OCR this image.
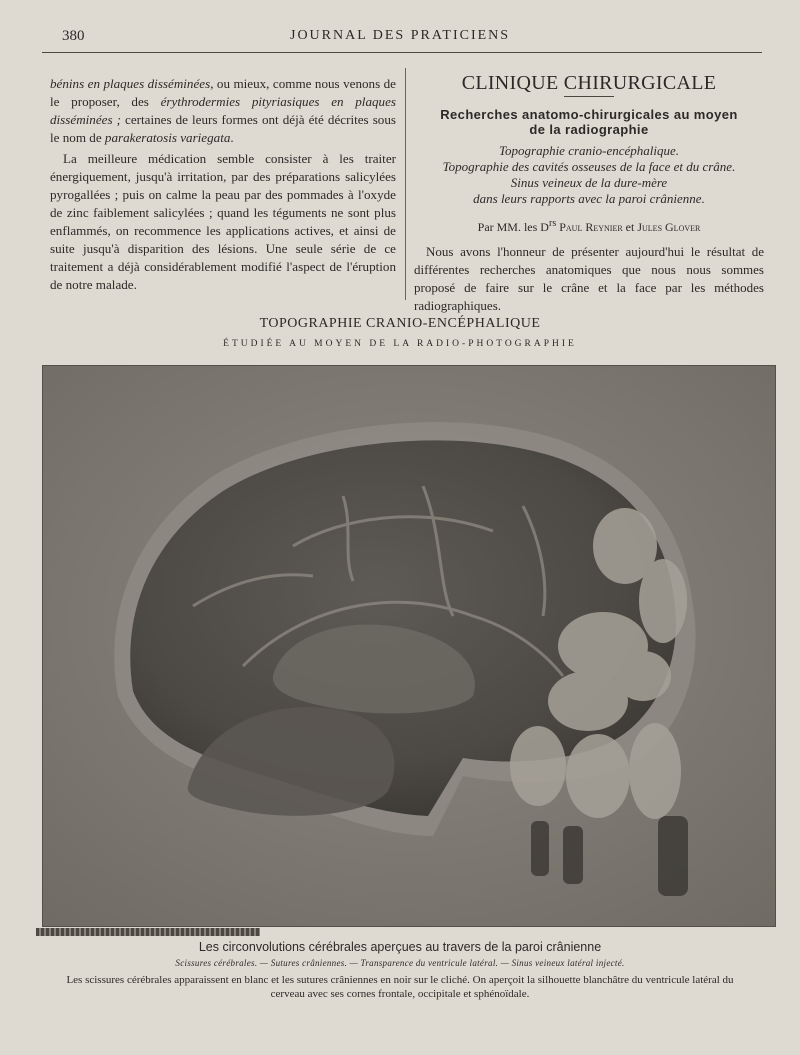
380	JOURNAL DES PRATICIENS

bénins en plaques disséminées, ou mieux, comme nous venons de le proposer, des érythrodermies pityriasiques en plaques disséminées ; certaines de leurs formes ont déjà été décrites sous le nom de parakeratosis variegata.

La meilleure médication semble consister à les traiter énergiquement, jusqu'à irritation, par des préparations salicylées pyrogallées ; puis on calme la peau par des pommades à l'oxyde de zinc faiblement salicylées ; quand les téguments ne sont plus enflammés, on recommence les applications actives, et ainsi de suite jusqu'à disparition des lésions. Une seule série de ce traitement a déjà considérablement modifié l'aspect de l'éruption de notre malade.

CLINIQUE CHIRURGICALE
Recherches anatomo-chirurgicales au moyen
de la radiographie
Topographie cranio-encéphalique.
Topographie des cavités osseuses de la face et du crâne.
Sinus veineux de la dure-mère
dans leurs rapports avec la paroi crânienne.
Par MM. les $D^{rs}$ Paul Reynier et Jules Glover

Nous avons l'honneur de présenter aujourd'hui le résultat de différentes recherches anatomiques que nous nous sommes proposé de faire sur le crâne et la face par les méthodes radiographiques.

TOPOGRAPHIE CRANIO-ENCÉPHALIQUE
ÉTUDIÉE AU MOYEN DE LA RADIO-PHOTOGRAPHIE
Les circonvolutions cérébrales aperçues au travers de la paroi crânienne
Scissures cérébrales. — Sutures crâniennes. — Transparence du ventricule latéral. — Sinus veineux latéral injecté.
Les scissures cérébrales apparaissent en blanc et les sutures crâniennes en noir sur le cliché. On aperçoit la silhouette blanchâtre du ventricule latéral du cerveau avec ses cornes frontale, occipitale et sphénoïdale.
